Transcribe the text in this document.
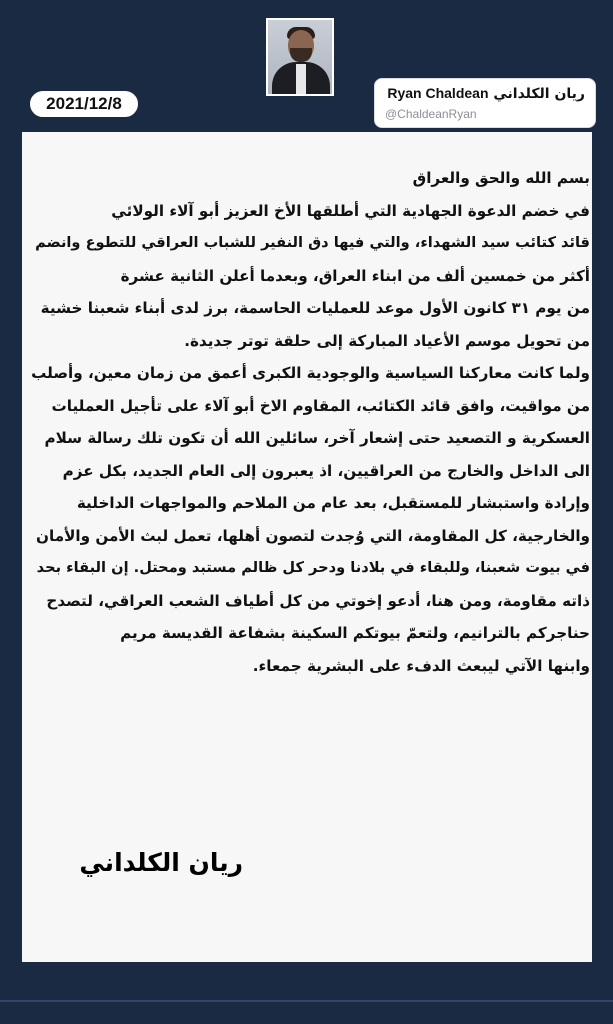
2021/12/8	ريان الكلداني Ryan Chaldean
@ChaldeanRyan
بسم الله والحق والعراق
في خضم الدعوة الجهادية التي أطلقها الأخ العزيز أبو آلاء الولائي
قائد كتائب سيد الشهداء، والتي فيها دق النفير للشباب العراقي للتطوع وانضم
أكثر من خمسين ألف من ابناء العراق، وبعدما أعلن الثانية عشرة
من يوم ٣١ كانون الأول موعد للعمليات الحاسمة، برز لدى أبناء شعبنا خشية
من تحويل موسم الأعياد المباركة إلى حلقة توتر جديدة.
ولما كانت معاركنا السياسية والوجودية الكبرى أعمق من زمان معين، وأصلب
من مواقيت، وافق قائد الكتائب، المقاوم الاخ أبو آلاء على تأجيل العمليات
العسكرية و التصعيد حتى إشعار آخر، سائلين الله أن تكون تلك رسالة سلام
الى الداخل والخارج من العراقيين، اذ يعبرون إلى العام الجديد، بكل عزم
وإرادة واستبشار للمستقبل، بعد عام من الملاحم والمواجهات الداخلية
والخارجية، كل المقاومة، التي وُجدت لتصون أهلها، تعمل لبث الأمن والأمان
في بيوت شعبنا، وللبقاء في بلادنا ودحر كل ظالم مستبد ومحتل. إن البقاء بحد
ذاته مقاومة، ومن هنا، أدعو إخوتي من كل أطياف الشعب العراقي، لتصدح
حناجركم بالترانيم، ولتعمّ بيوتكم السكينة بشفاعة القديسة مريم
وابنها الآتي ليبعث الدفء على البشرية جمعاء.
ريان الكلداني
